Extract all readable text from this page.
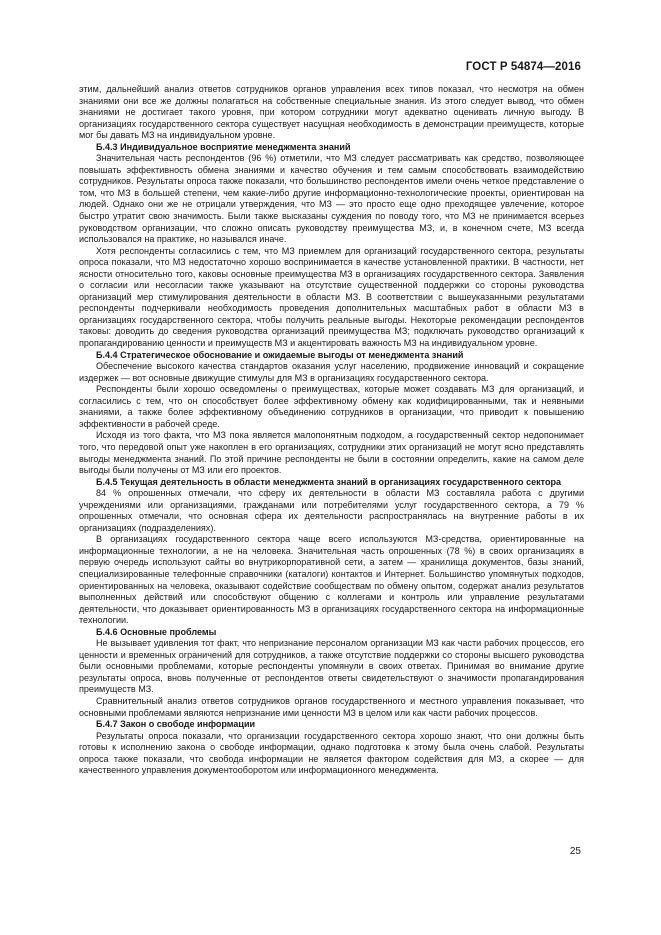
ГОСТ Р 54874—2016

этим, дальнейший анализ ответов сотрудников органов управления всех типов показал, что несмотря на обмен знаниями они все же должны полагаться на собственные специальные знания. Из этого следует вывод, что обмен знаниями не достигает такого уровня, при котором сотрудники могут адекватно оценивать личную выгоду. В организациях государственного сектора существует насущная необходимость в демонстрации преимуществ, которые мог бы давать МЗ на индивидуальном уровне.

Б.4.3 Индивидуальное восприятие менеджмента знаний

Значительная часть респондентов (96 %) отметили, что МЗ следует рассматривать как средство, позволяющее повышать эффективность обмена знаниями и качество обучения и тем самым способствовать взаимодействию сотрудников. Результаты опроса также показали, что большинство респондентов имели очень четкое представление о том, что МЗ в большей степени, чем какие-либо другие информационно-технологические проекты, ориентирован на людей. Однако они же не отрицали утверждения, что МЗ — это просто еще одно преходящее увлечение, которое быстро утратит свою значимость. Были также высказаны суждения по поводу того, что МЗ не принимается всерьез руководством организации, что сложно описать руководству преимущества МЗ, и, в конечном счете, МЗ всегда использовался на практике, но назывался иначе.

Хотя респонденты согласились с тем, что МЗ приемлем для организаций государственного сектора, результаты опроса показали, что МЗ недостаточно хорошо воспринимается в качестве установленной практики. В частности, нет ясности относительно того, каковы основные преимущества МЗ в организациях государственного сектора. Заявления о согласии или несогласии также указывают на отсутствие существенной поддержки со стороны руководства организаций мер стимулирования деятельности в области МЗ. В соответствии с вышеуказанными результатами респонденты подчеркивали необходимость проведения дополнительных масштабных работ в области МЗ в организациях государственного сектора, чтобы получить реальные выгоды. Некоторые рекомендации респондентов таковы: доводить до сведения руководства организаций преимущества МЗ; подключать руководство организаций к пропагандированию ценности и преимуществ МЗ и акцентировать важность МЗ на индивидуальном уровне.

Б.4.4 Стратегическое обоснование и ожидаемые выгоды от менеджмента знаний

Обеспечение высокого качества стандартов оказания услуг населению, продвижение инноваций и сокращение издержек — вот основные движущие стимулы для МЗ в организациях государственного сектора.

Респонденты были хорошо осведомлены о преимуществах, которые может создавать МЗ для организаций, и согласились с тем, что он способствует более эффективному обмену как кодифицированными, так и неявными знаниями, а также более эффективному объединению сотрудников в организации, что приводит к повышению эффективности в рабочей среде.

Исходя из того факта, что МЗ пока является малопонятным подходом, а государственный сектор недопонимает того, что передовой опыт уже накоплен в его организациях, сотрудники этих организаций не могут ясно представлять выгоды менеджмента знаний. По этой причине респонденты не были в состоянии определить, какие на самом деле выгоды были получены от МЗ или его проектов.

Б.4.5 Текущая деятельность в области менеджмента знаний в организациях государственного сектора

84 % опрошенных отмечали, что сферу их деятельности в области МЗ составляла работа с другими учреждениями или организациями, гражданами или потребителями услуг государственного сектора, а 79 % опрошенных отмечали, что основная сфера их деятельности распространялась на внутренние работы в их организациях (подразделениях).

В организациях государственного сектора чаще всего используются МЗ-средства, ориентированные на информационные технологии, а не на человека. Значительная часть опрошенных (78 %) в своих организациях в первую очередь используют сайты во внутрикорпоративной сети, а затем — хранилища документов, базы знаний, специализированные телефонные справочники (каталоги) контактов и Интернет. Большинство упомянутых подходов, ориентированных на человека, оказывают содействие сообществам по обмену опытом, содержат анализ результатов выполненных действий или способствуют общению с коллегами и контроль или управление результатами деятельности, что доказывает ориентированность МЗ в организациях государственного сектора на информационные технологии.

Б.4.6 Основные проблемы

Не вызывает удивления тот факт, что непризнание персоналом организации МЗ как части рабочих процессов, его ценности и временных ограничений для сотрудников, а также отсутствие поддержки со стороны высшего руководства были основными проблемами, которые респонденты упомянули в своих ответах. Принимая во внимание другие результаты опроса, вновь полученные от респондентов ответы свидетельствуют о значимости пропагандирования преимуществ МЗ.

Сравнительный анализ ответов сотрудников органов государственного и местного управления показывает, что основными проблемами являются непризнание ими ценности МЗ в целом или как части рабочих процессов.

Б.4.7 Закон о свободе информации

Результаты опроса показали, что организации государственного сектора хорошо знают, что они должны быть готовы к исполнению закона о свободе информации, однако подготовка к этому была очень слабой. Результаты опроса также показали, что свобода информации не является фактором содействия для МЗ, а скорее — для качественного управления документооборотом или информационного менеджмента.

25
